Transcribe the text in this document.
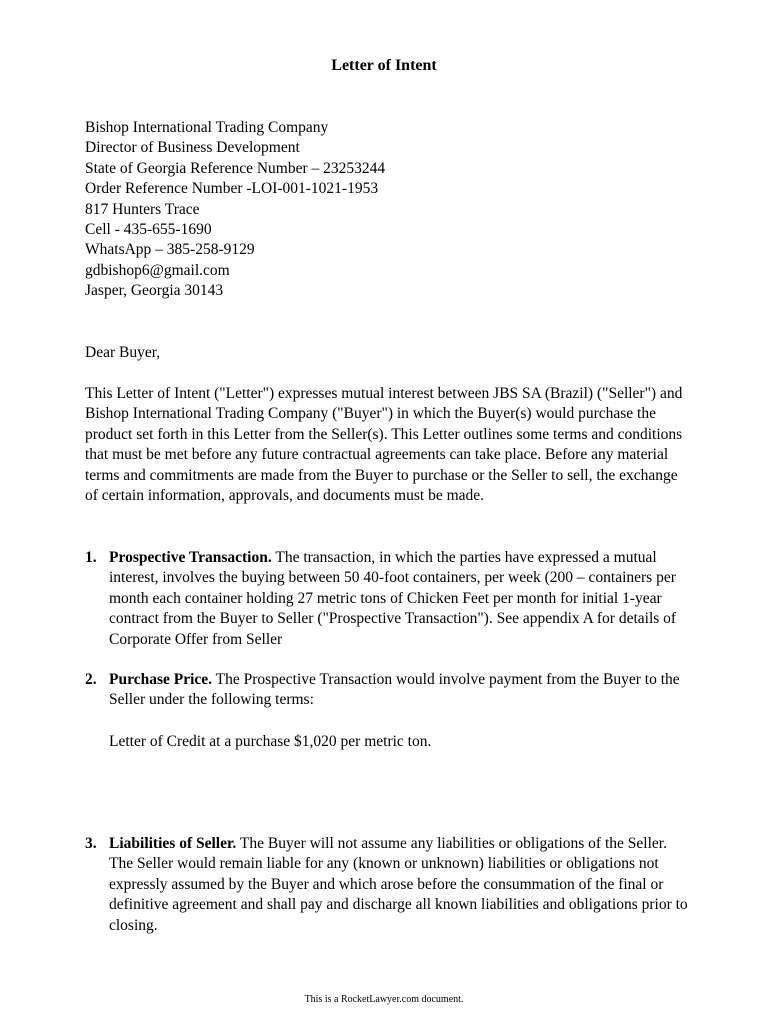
Letter of Intent
Bishop International Trading Company
Director of Business Development
State of Georgia Reference Number – 23253244
Order Reference Number -LOI-001-1021-1953
817 Hunters Trace
Cell - 435-655-1690
WhatsApp – 385-258-9129
gdbishop6@gmail.com
Jasper, Georgia 30143
Dear Buyer,
This Letter of Intent ("Letter") expresses mutual interest between JBS SA (Brazil) ("Seller") and Bishop International Trading Company ("Buyer") in which the Buyer(s) would purchase the product set forth in this Letter from the Seller(s). This Letter outlines some terms and conditions that must be met before any future contractual agreements can take place. Before any material terms and commitments are made from the Buyer to purchase or the Seller to sell, the exchange of certain information, approvals, and documents must be made.
1. Prospective Transaction. The transaction, in which the parties have expressed a mutual interest, involves the buying between 50 40-foot containers, per week (200 – containers per month each container holding 27 metric tons of Chicken Feet per month for initial 1-year contract from the Buyer to Seller ("Prospective Transaction"). See appendix A for details of Corporate Offer from Seller
2. Purchase Price. The Prospective Transaction would involve payment from the Buyer to the Seller under the following terms:
Letter of Credit at a purchase $1,020 per metric ton.
3. Liabilities of Seller. The Buyer will not assume any liabilities or obligations of the Seller. The Seller would remain liable for any (known or unknown) liabilities or obligations not expressly assumed by the Buyer and which arose before the consummation of the final or definitive agreement and shall pay and discharge all known liabilities and obligations prior to closing.
This is a RocketLawyer.com document.
